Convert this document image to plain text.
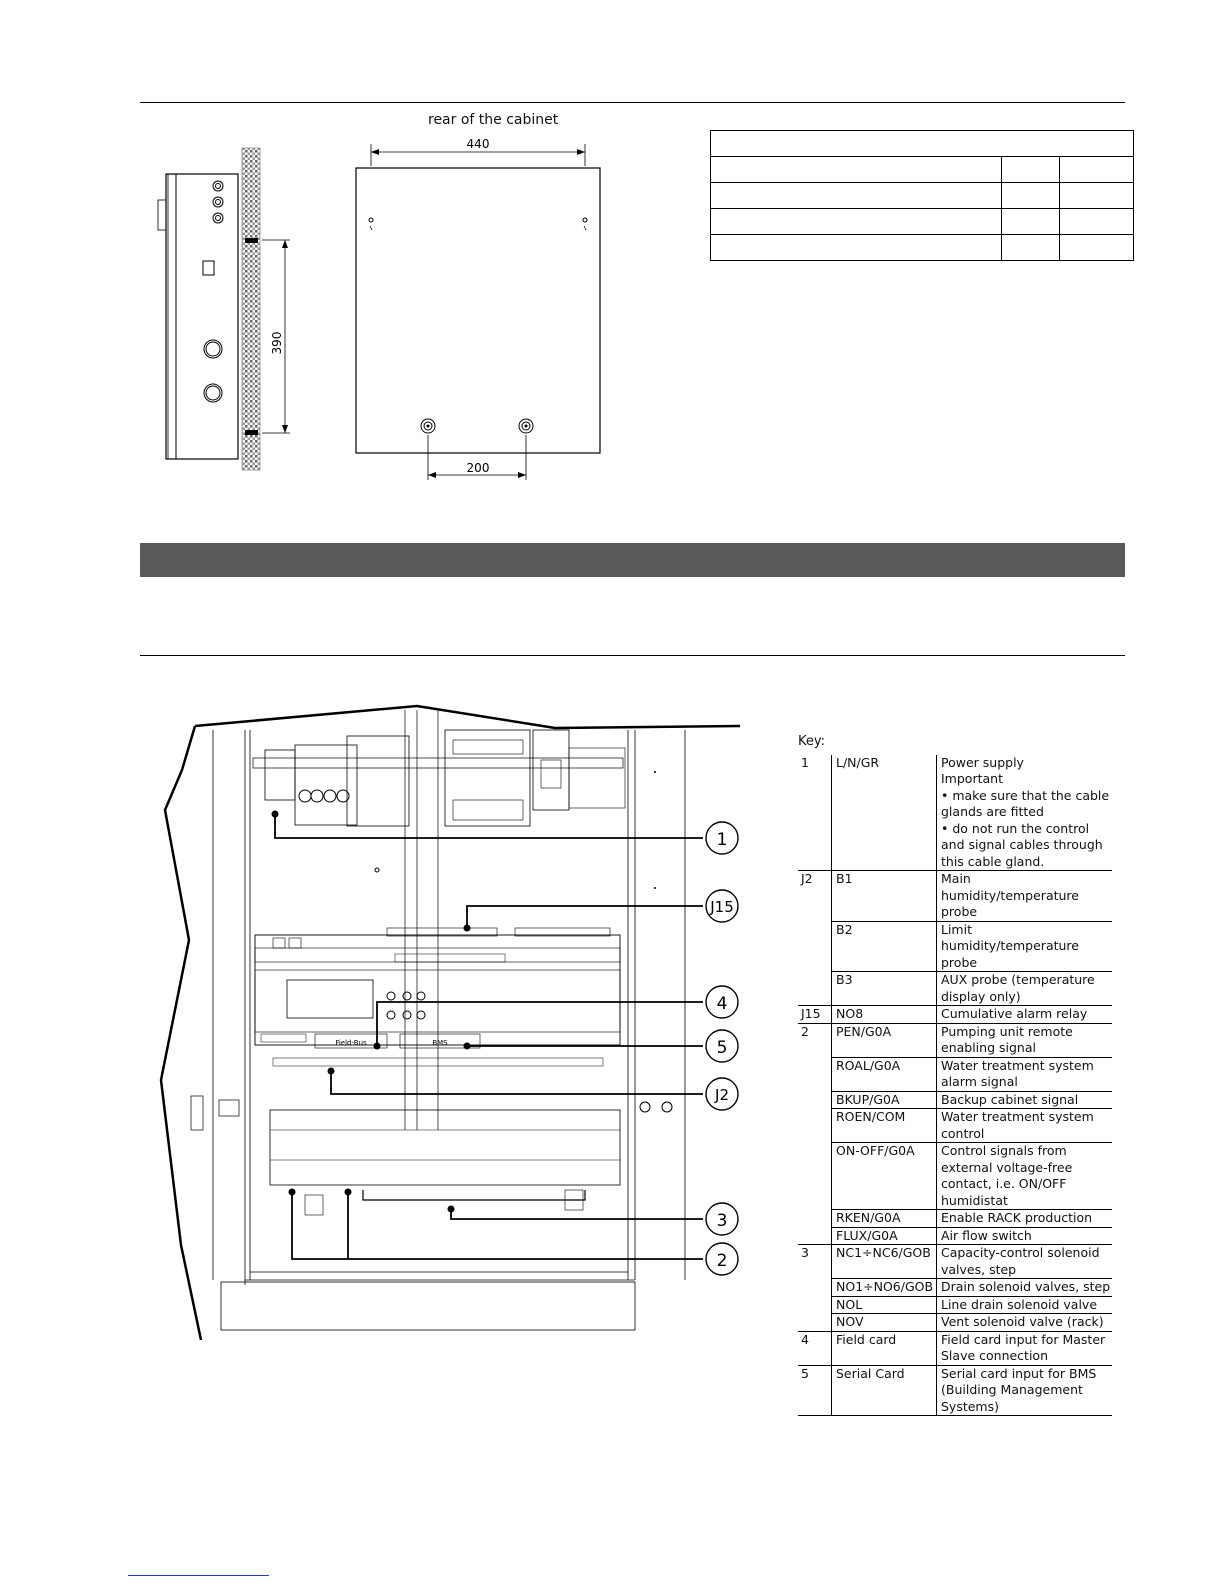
rear of the cabinet
390
440
200

Field-Bus	BMS
1
J15
4
5
J2
3
2
Key:
1	L/N/GR	Power supply
Important
• make sure that the cable glands are fitted
• do not run the control and signal cables through this cable gland.
J2	B1	Main humidity/temperature probe
	B2	Limit humidity/temperature probe
	B3	AUX probe (temperature display only)
J15	NO8	Cumulative alarm relay
2	PEN/G0A	Pumping unit remote enabling signal
	ROAL/G0A	Water treatment system alarm signal
	BKUP/G0A	Backup cabinet signal
	ROEN/COM	Water treatment system control
	ON-OFF/G0A	Control signals from external voltage-free contact, i.e. ON/OFF humidistat
	RKEN/G0A	Enable RACK production
	FLUX/G0A	Air flow switch
3	NC1÷NC6/GOB	Capacity-control solenoid valves, step
	NO1÷NO6/GOB	Drain solenoid valves, step
	NOL	Line drain solenoid valve
	NOV	Vent solenoid valve (rack)
4	Field card	Field card input for Master Slave connection
5	Serial Card	Serial card input for BMS (Building Management Systems)
